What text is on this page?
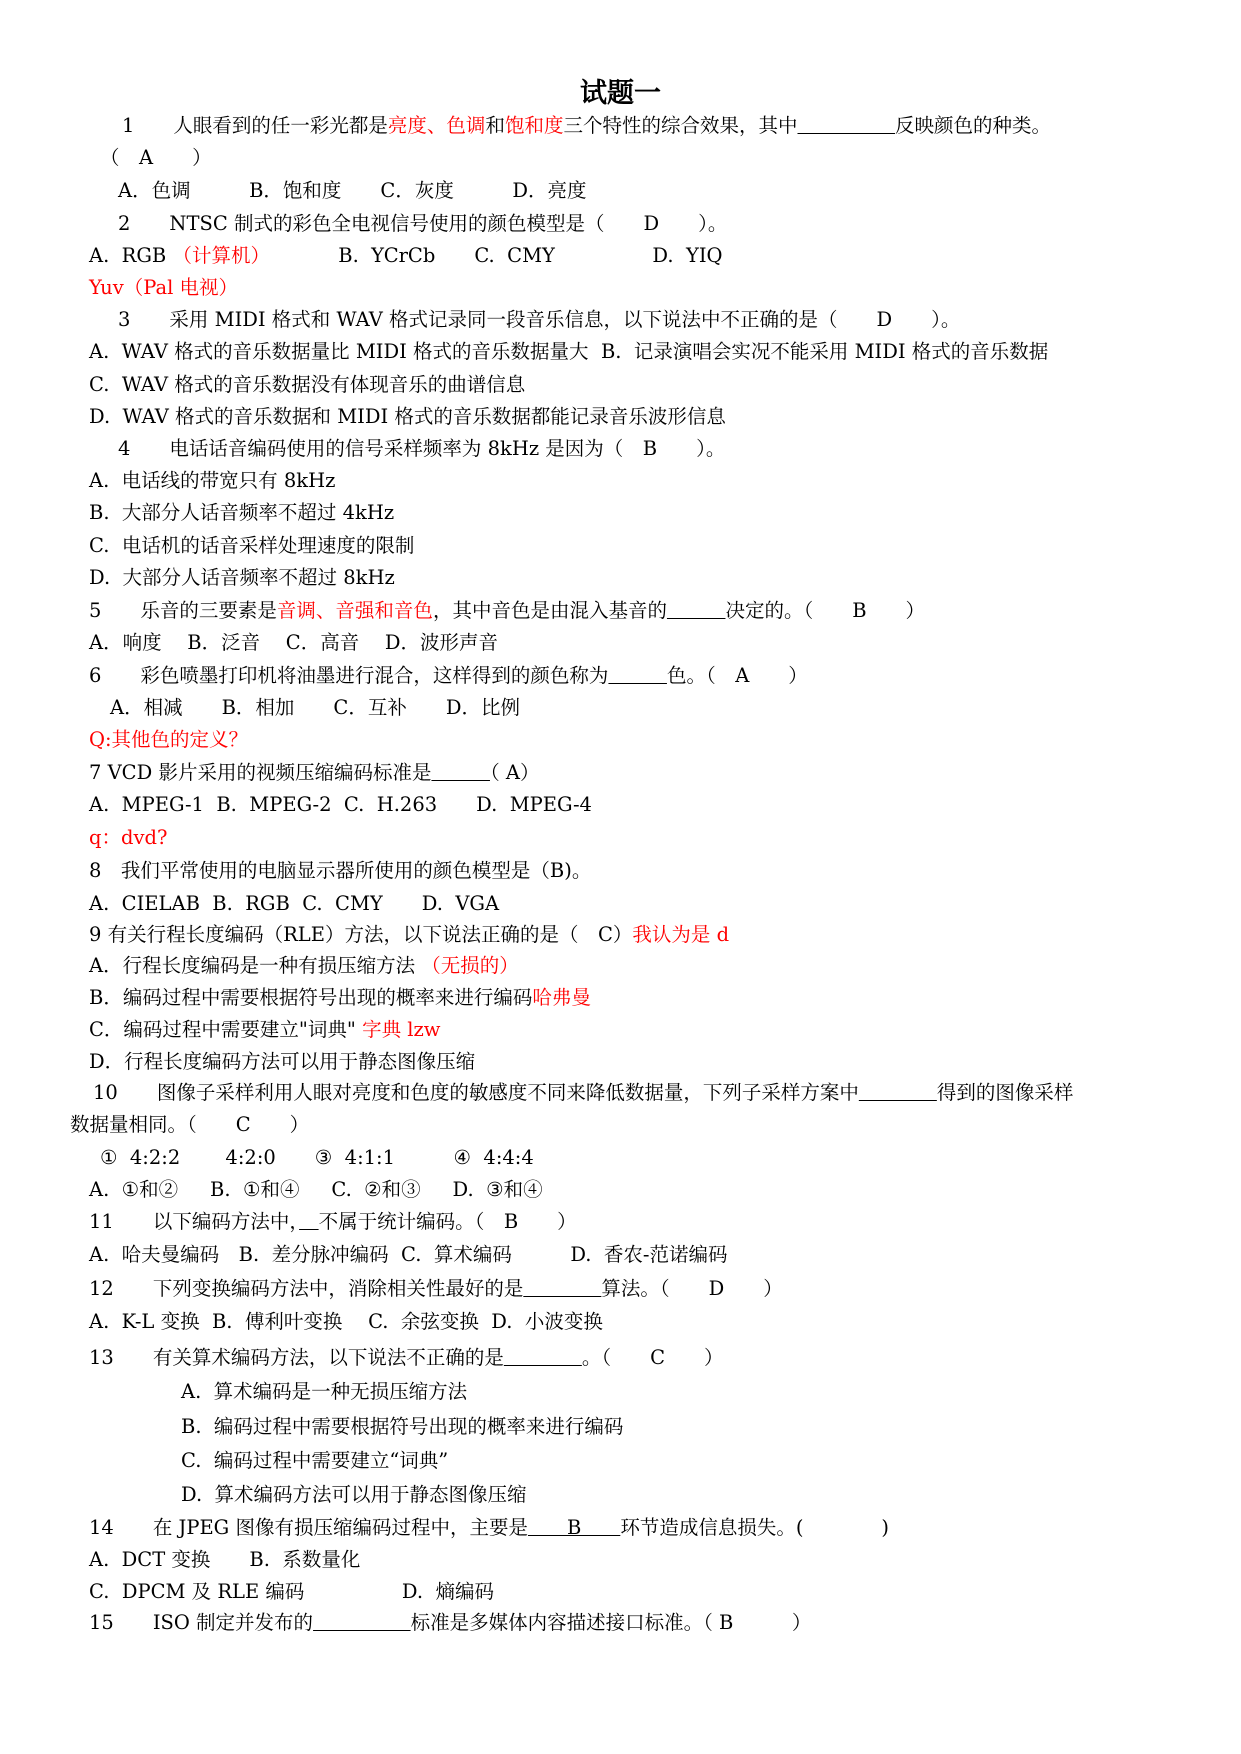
试题一
1　　人眼看到的任一彩光都是亮度、色调和饱和度三个特性的综合效果，其中　　　　　	反映颜色的种类。
（　A　　）
A．色调　　　B．饱和度　　C．灰度　　　D．亮度
2　　NTSC 制式的彩色全电视信号使用的颜色模型是（　　D　　）。
A.  RGB （计算机）　　　　B.  YCrCb　　C.  CMY　　　　　D.  YIQ
Yuv（Pal 电视）
3　　采用 MIDI 格式和 WAV 格式记录同一段音乐信息，以下说法中不正确的是（　　D　　）。
A.  WAV 格式的音乐数据量比 MIDI 格式的音乐数据量大  B.  记录演唱会实况不能采用 MIDI 格式的音乐数据
C.  WAV 格式的音乐数据没有体现音乐的曲谱信息
D.  WAV 格式的音乐数据和 MIDI 格式的音乐数据都能记录音乐波形信息
4　　电话话音编码使用的信号采样频率为 8kHz 是因为（　B　　）。
A.  电话线的带宽只有 8kHz
B.  大部分人话音频率不超过 4kHz
C.  电话机的话音采样处理速度的限制
D.  大部分人话音频率不超过 8kHz
5　　乐音的三要素是音调、音强和音色，其中音色是由混入基音的　　　	决定的。（　　B　　）
A．响度　 B．泛音　 C．高音　 D．波形声音
6　　彩色喷墨打印机将油墨进行混合，这样得到的颜色称为　　　	色。（　A　　）
A．相减　　B．相加　　C．互补　　D．比例
Q:其他色的定义？
7 VCD 影片采用的视频压缩编码标准是　　　	（ A）
A.  MPEG-1  B.  MPEG-2  C.  H.263　　D.  MPEG-4
q：dvd?
8　我们平常使用的电脑显示器所使用的颜色模型是（B)。
A.  CIELAB  B.  RGB  C.  CMY　　D.  VGA
9 有关行程长度编码（RLE）方法，以下说法正确的是（　C）我认为是 d
A．行程长度编码是一种有损压缩方法 （无损的）
B．编码过程中需要根据符号出现的概率来进行编码哈弗曼
C．编码过程中需要建立"词典" 字典 lzw
D．行程长度编码方法可以用于静态图像压缩
10　　图像子采样利用人眼对亮度和色度的敏感度不同来降低数据量，下列子采样方案中　　　　	得到的图像采样
数据量相同。（　　C　　）
①  4:2:2　　 4:2:0　　③  4:1:1　　　④  4:4:4
A.  ①和②　  B.  ①和④　  C.  ②和③　  D.  ③和④
11　　以下编码方法中，　 不属于统计编码。（　B　　）
A.  哈夫曼编码　B.  差分脉冲编码  C.  算术编码　　　D.  香农-范诺编码
12　　下列变换编码方法中，消除相关性最好的是　　　　	算法。（　　D　　）
A.  K-L 变换  B.  傅利叶变换　 C.  余弦变换  D.  小波变换
13　　有关算术编码方法，以下说法不正确的是　　　　	。（　　C　　）
A.  算术编码是一种无损压缩方法
B.  编码过程中需要根据符号出现的概率来进行编码
C.  编码过程中需要建立“词典”
D.  算术编码方法可以用于静态图像压缩
14　　在 JPEG 图像有损压缩编码过程中，主要是　　B　　环节造成信息损失。(　　　　)
A.  DCT 变换　　B.  系数量化
C.  DPCM 及 RLE 编码　　　　　D.  熵编码
15　　ISO 制定并发布的　　　　　	标准是多媒体内容描述接口标准。（ B　　　）
